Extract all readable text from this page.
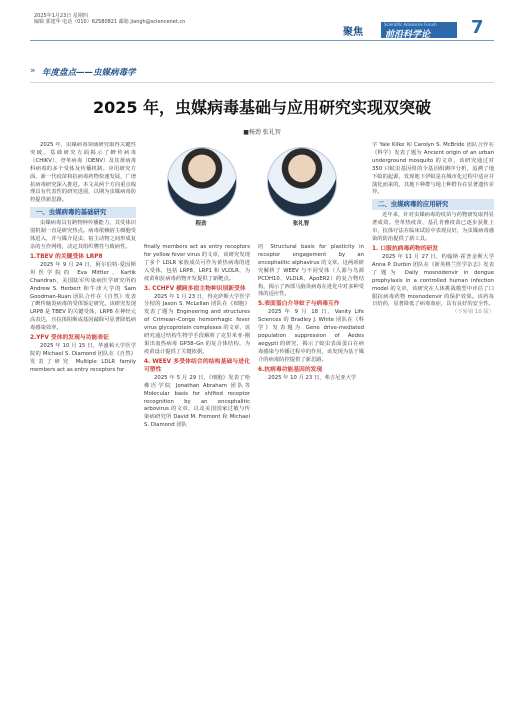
2025年1月23日 星期四
编辑 郭建华 电话（010）62580821 邮箱 jiangh@sciencenet.cn
聚焦
Scientific Advances Forum
前沿科学论 7
» 年度盘点——虫媒病毒学
2025 年，虫媒病毒基础与应用研究实现双突破
■杨劲 张礼智
程劲	张礼智

2025 年，虫媒病毒领域研究取得关键性突破，基础研究方面揭示了蜱传病毒（CHIKV）、登革病毒（DENV）及其黄病毒科病毒的多个受体及传播机制。应用研究方面，新一代疫苗和抗病毒药物快速发展，广谱抗病毒研究深入推进。本文从两个方向重点梳理具有代表性的研究进展，以期为虫媒病毒防控提供新思路。

一、虫媒病毒的基础研究

虫媒病毒具有跨物种传播能力，其受体识别机制一直是研究热点。病毒依赖宿主细胞受体进入，并与媒介昆虫、宿主动物之间形成复杂的互作网络，决定其组织嗜性与致病性。

1.TBEV 的关键受体 LRP8

2025 年 9 月 24 日，阿尔伯特·爱因斯坦医学院的 Eva Mittler、Kartik Chandran，美国陆军传染病医学研究所的 Andrew S. Herbert 和牛津大学的 Sam Goodman-Ruan 团队合作在《自然》发表了蜱传脑炎病毒的受体鉴定研究。该研究发现 LRP8 是 TBEV 的关键受体，LRP8 在神经元高表达，且抗体阻断或基因敲除可显著降低病毒感染效率。

2.YFV 受体的发现与功能表征

2025 年 10 月 15 日，华盛顿大学医学院的 Michael S. Diamond 团队在《自然》发表了研究 Multiple LDLR family members act as entry receptors for

finally members act as entry receptors for yellow fever virus 的文章，该研究发现了多个 LDLR 家族成员可作为黄热病毒的进入受体，包括 LRP8、LRP1 和 VLDLR，为疫苗和抗病毒药物开发提供了新靶点。

3. CCHFV 横跨多宿主物种识别新受体

2025 年 1 月 23 日，得克萨斯大学医学分校的 Jason S. McLellan 团队在《细胞》发表了题为 Engineering and structures of Crimean–Congo hemorrhagic fever virus glycoprotein complexes 的文章，该研究通过结构生物学手段解析了克里米亚-刚果出血热病毒 GP38–Gn 的复合体结构，为疫苗设计提供了关键依据。

4. WEEV 多受体结合的结构基础与进化可塑性

2025 年 5 月 29 日，《细胞》发表了哈佛医学院 Jonathan Abraham 团队等 Molecular basis for shifted receptor recognition by an encephalitic arbovirus 的文章，以及美国国家过敏与传染病研究所 David M. Fremont 和 Michael S. Diamond 团队

的 Structural basis for plasticity in receptor engagement by an encephalitic alphavirus 的文章。这两项研究解析了 WEEV 与不同受体（人源与鸟源 PCDH10、VLDLR、ApoER2）的复合物结构，揭示了西部马脑炎病毒在进化中对多种受体的适应性。

5.表面蛋白介导蚊子与病毒互作

2025 年 9 月 18 日，Vanity Life Sciences 的 Bradley J. White 团队在《科学》发表题为 Gene drive-mediated population suppression of Aedes aegypti 的研究，揭示了蚊虫表面蛋白在病毒感染与传播过程中的作用，该发现为基于媒介的病毒防控提供了新思路。

6.抗病毒功能基因的发现

2025 年 10 月 23 日，弗吉尼亚大学

学 Yale Kilke 和 Carolyn S. McBride 团队合作在《科学》发表了题为 Ancient origin of an urban underground mosquito 的文章，该研究通过对 350 只蚊虫基因组的全基因组测序分析，追溯了地下蚊的起源，发现地下伊蚊是在城市化过程中适应并演化而来的，其地下种群与地上种群存在显著遗传差异。

二、虫媒病毒的应用研究

近年来，针对虫媒病毒的疫苗与药物研发取得显著成效。登革热疫苗、基孔肯雅疫苗已逐步获批上市，抗体疗法在临床试验中表现良好，为虫媒病毒感染的防治提供了新工具。

1. 口服抗病毒药物的研发

2025 年 11 月 27 日，约翰斯·霍普金斯大学 Anna P. Durbin 团队在《新英格兰医学杂志》发表了题为 Daily mosnodenvir in dengue prophylaxis in a controlled human infection model 的文章，该研究在人体挑战模型中评估了口服抗病毒药物 mosnodenvir 的保护效果。该药每日给药，显著降低了病毒血症，具有良好的安全性。

（下转第 10 版）
